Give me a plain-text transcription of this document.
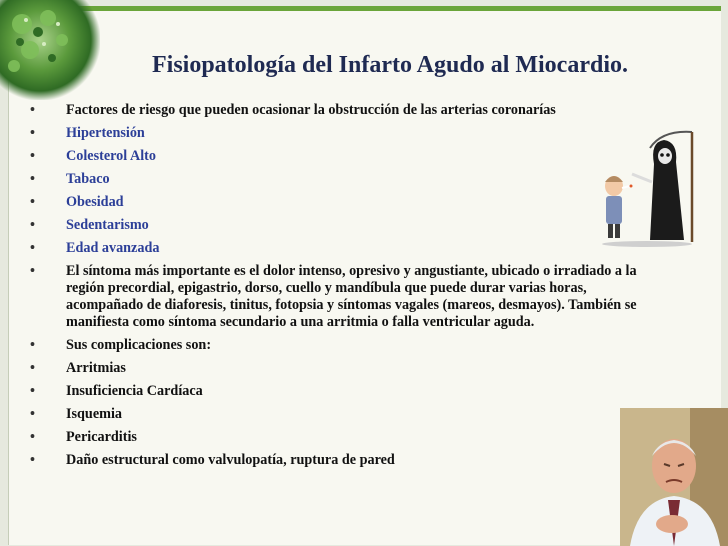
Fisiopatología del Infarto Agudo al Miocardio.
• Factores de riesgo que pueden ocasionar la obstrucción de las arterias coronarías
• Hipertensión
• Colesterol Alto
• Tabaco
• Obesidad
• Sedentarismo
• Edad avanzada
• El síntoma más importante es el dolor intenso, opresivo y angustiante, ubicado o irradiado a la región precordial, epigastrio, dorso, cuello y mandíbula que puede durar varias horas, acompañado de diaforesis, tinitus, fotopsia y síntomas vagales (mareos, desmayos). También se manifiesta como síntoma secundario a una arritmia o falla ventricular aguda.
• Sus complicaciones son:
• Arritmias
• Insuficiencia Cardíaca
• Isquemia
• Pericarditis
• Daño estructural como valvulopatía, ruptura de pared
